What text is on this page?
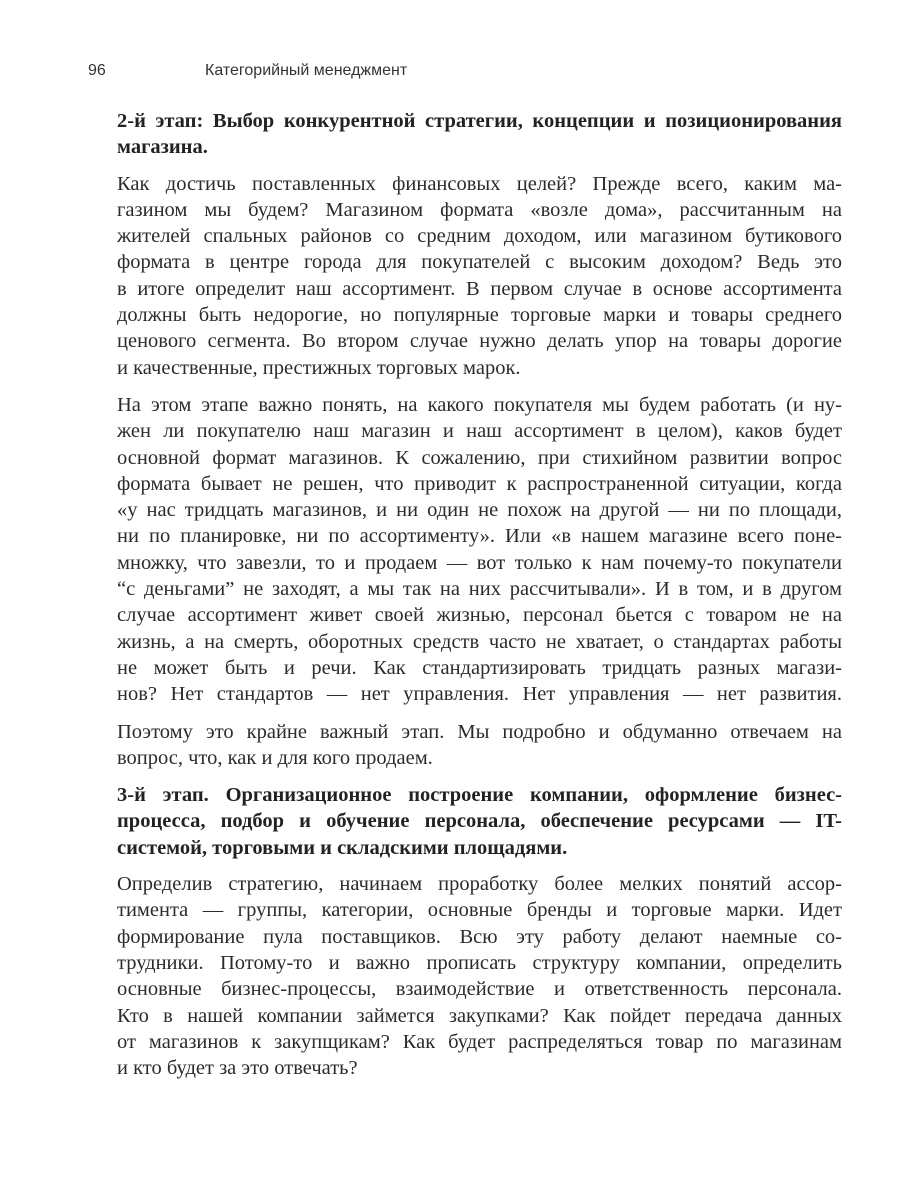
96	Категорийный менеджмент
2-й этап: Выбор конкурентной стратегии, концепции и позиционирования
магазина.
Как достичь поставленных финансовых целей? Прежде всего, каким ма-
газином мы будем? Магазином формата «возле дома», рассчитанным на
жителей спальных районов со средним доходом, или магазином бутикового
формата в центре города для покупателей с высоким доходом? Ведь это
в итоге определит наш ассортимент. В первом случае в основе ассортимента
должны быть недорогие, но популярные торговые марки и товары среднего
ценового сегмента. Во втором случае нужно делать упор на товары дорогие
и качественные, престижных торговых марок.
На этом этапе важно понять, на какого покупателя мы будем работать (и ну-
жен ли покупателю наш магазин и наш ассортимент в целом), каков будет
основной формат магазинов. К сожалению, при стихийном развитии вопрос
формата бывает не решен, что приводит к распространенной ситуации, когда
«у нас тридцать магазинов, и ни один не похож на другой — ни по площади,
ни по планировке, ни по ассортименту». Или «в нашем магазине всего поне-
множку, что завезли, то и продаем — вот только к нам почему-то покупатели
“с деньгами” не заходят, а мы так на них рассчитывали». И в том, и в другом
случае ассортимент живет своей жизнью, персонал бьется с товаром не на
жизнь, а на смерть, оборотных средств часто не хватает, о стандартах работы
не может быть и речи. Как стандартизировать тридцать разных магази-
нов? Нет стандартов — нет управления. Нет управления — нет развития.
Поэтому это крайне важный этап. Мы подробно и обдуманно отвечаем на
вопрос, что, как и для кого продаем.
3-й этап. Организационное построение компании, оформление бизнес-
процесса, подбор и обучение персонала, обеспечение ресурсами — IT-
системой, торговыми и складскими площадями.
Определив стратегию, начинаем проработку более мелких понятий ассор-
тимента — группы, категории, основные бренды и торговые марки. Идет
формирование пула поставщиков. Всю эту работу делают наемные со-
трудники. Потому-то и важно прописать структуру компании, определить
основные бизнес-процессы, взаимодействие и ответственность персонала.
Кто в нашей компании займется закупками? Как пойдет передача данных
от магазинов к закупщикам? Как будет распределяться товар по магазинам
и кто будет за это отвечать?
